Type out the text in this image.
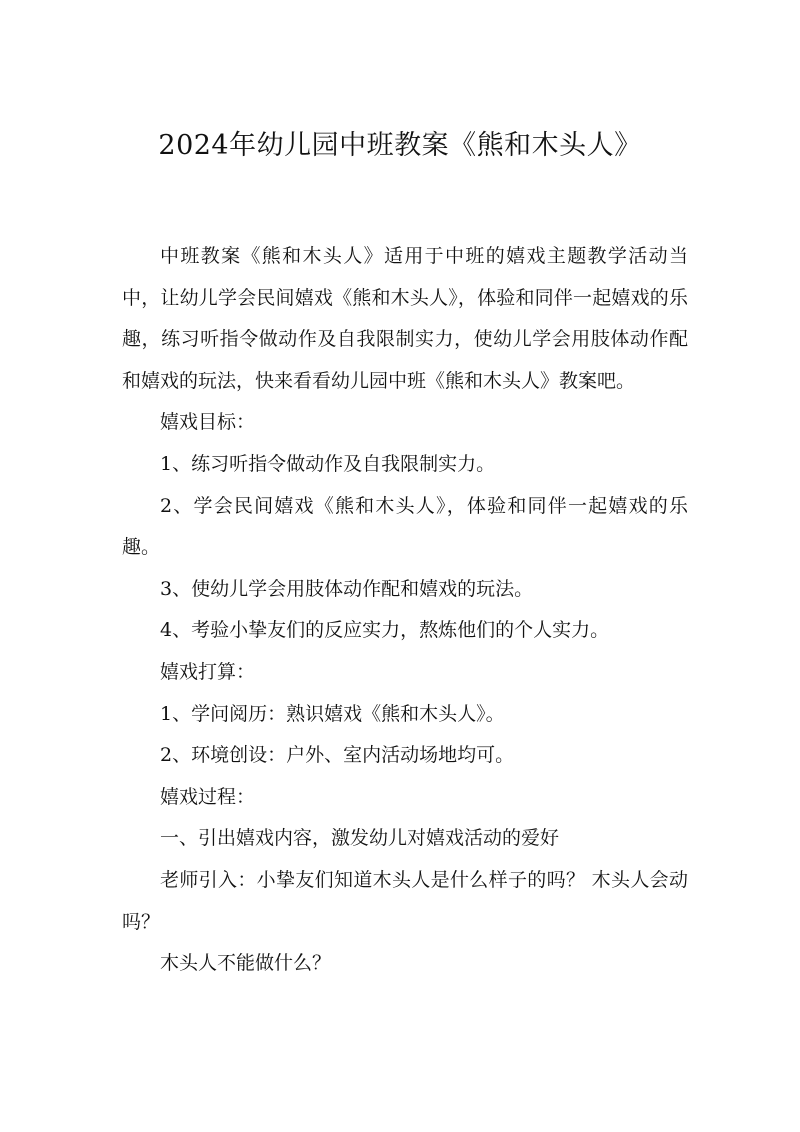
2024年幼儿园中班教案《熊和木头人》

中班教案《熊和木头人》适用于中班的嬉戏主题教学活动当中，让幼儿学会民间嬉戏《熊和木头人》，体验和同伴一起嬉戏的乐趣，练习听指令做动作及自我限制实力，使幼儿学会用肢体动作配和嬉戏的玩法，快来看看幼儿园中班《熊和木头人》教案吧。

嬉戏目标：

1、练习听指令做动作及自我限制实力。

2、学会民间嬉戏《熊和木头人》，体验和同伴一起嬉戏的乐趣。

3、使幼儿学会用肢体动作配和嬉戏的玩法。

4、考验小挚友们的反应实力，熬炼他们的个人实力。

嬉戏打算：

1、学问阅历：熟识嬉戏《熊和木头人》。

2、环境创设：户外、室内活动场地均可。

嬉戏过程：

一、引出嬉戏内容，激发幼儿对嬉戏活动的爱好

老师引入：小挚友们知道木头人是什么样子的吗？ 木头人会动吗？

木头人不能做什么？
